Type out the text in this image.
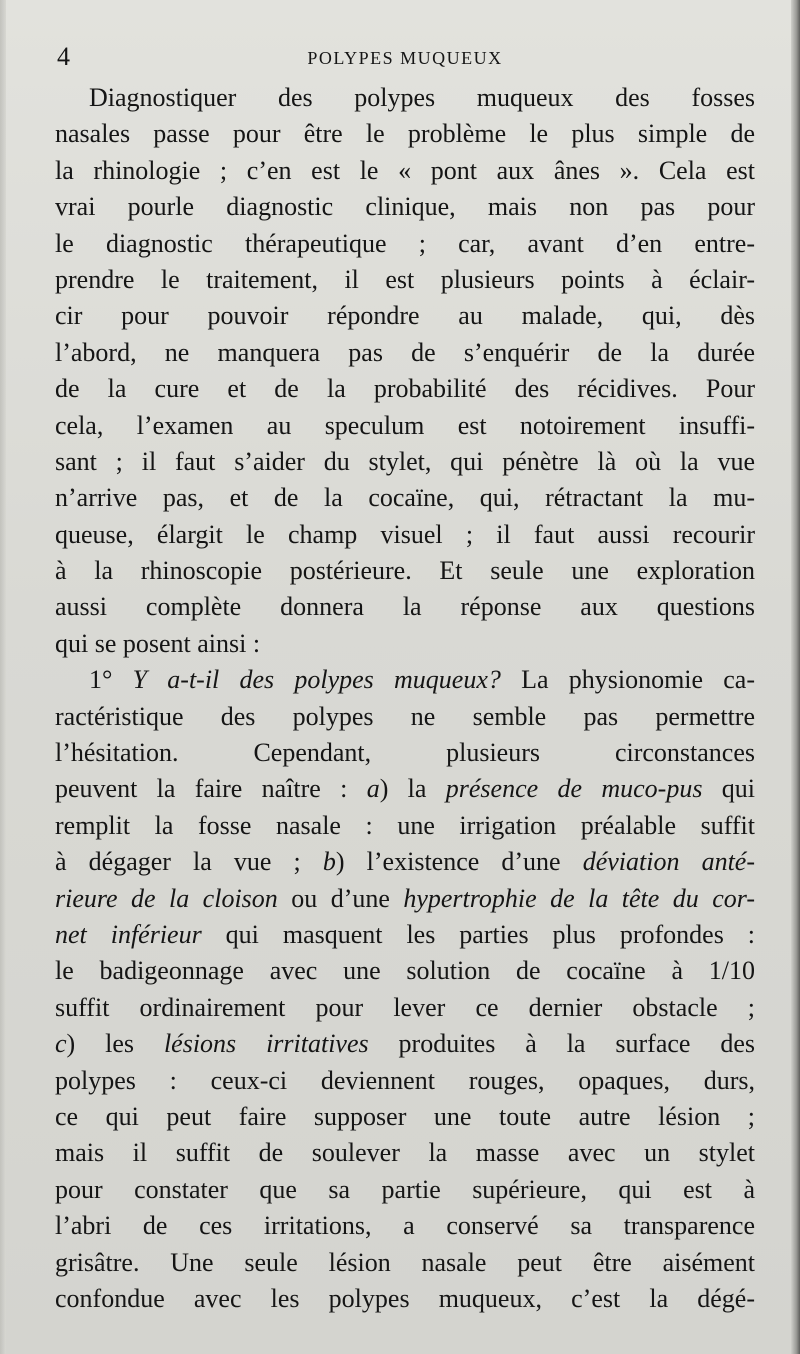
4	POLYPES MUQUEUX
Diagnostiquer des polypes muqueux des fosses
nasales passe pour être le problème le plus simple de
la rhinologie ; c’en est le « pont aux ânes ». Cela est
vrai pourle diagnostic clinique, mais non pas pour
le diagnostic thérapeutique ; car, avant d’en entre-
prendre le traitement, il est plusieurs points à éclair-
cir pour pouvoir répondre au malade, qui, dès
l’abord, ne manquera pas de s’enquérir de la durée
de la cure et de la probabilité des récidives. Pour
cela, l’examen au speculum est notoirement insuffi-
sant ; il faut s’aider du stylet, qui pénètre là où la vue
n’arrive pas, et de la cocaïne, qui, rétractant la mu-
queuse, élargit le champ visuel ; il faut aussi recourir
à la rhinoscopie postérieure. Et seule une exploration
aussi complète donnera la réponse aux questions
qui se posent ainsi :
1° Y a-t-il des polypes muqueux? La physionomie ca-
ractéristique des polypes ne semble pas permettre
l’hésitation. Cependant, plusieurs circonstances
peuvent la faire naître : a) la présence de muco-pus qui
remplit la fosse nasale : une irrigation préalable suffit
à dégager la vue ; b) l’existence d’une déviation anté-
rieure de la cloison ou d’une hypertrophie de la tête du cor-
net inférieur qui masquent les parties plus profondes :
le badigeonnage avec une solution de cocaïne à 1/10
suffit ordinairement pour lever ce dernier obstacle ;
c) les lésions irritatives produites à la surface des
polypes : ceux-ci deviennent rouges, opaques, durs,
ce qui peut faire supposer une toute autre lésion ;
mais il suffit de soulever la masse avec un stylet
pour constater que sa partie supérieure, qui est à
l’abri de ces irritations, a conservé sa transparence
grisâtre. Une seule lésion nasale peut être aisément
confondue avec les polypes muqueux, c’est la dégé-
